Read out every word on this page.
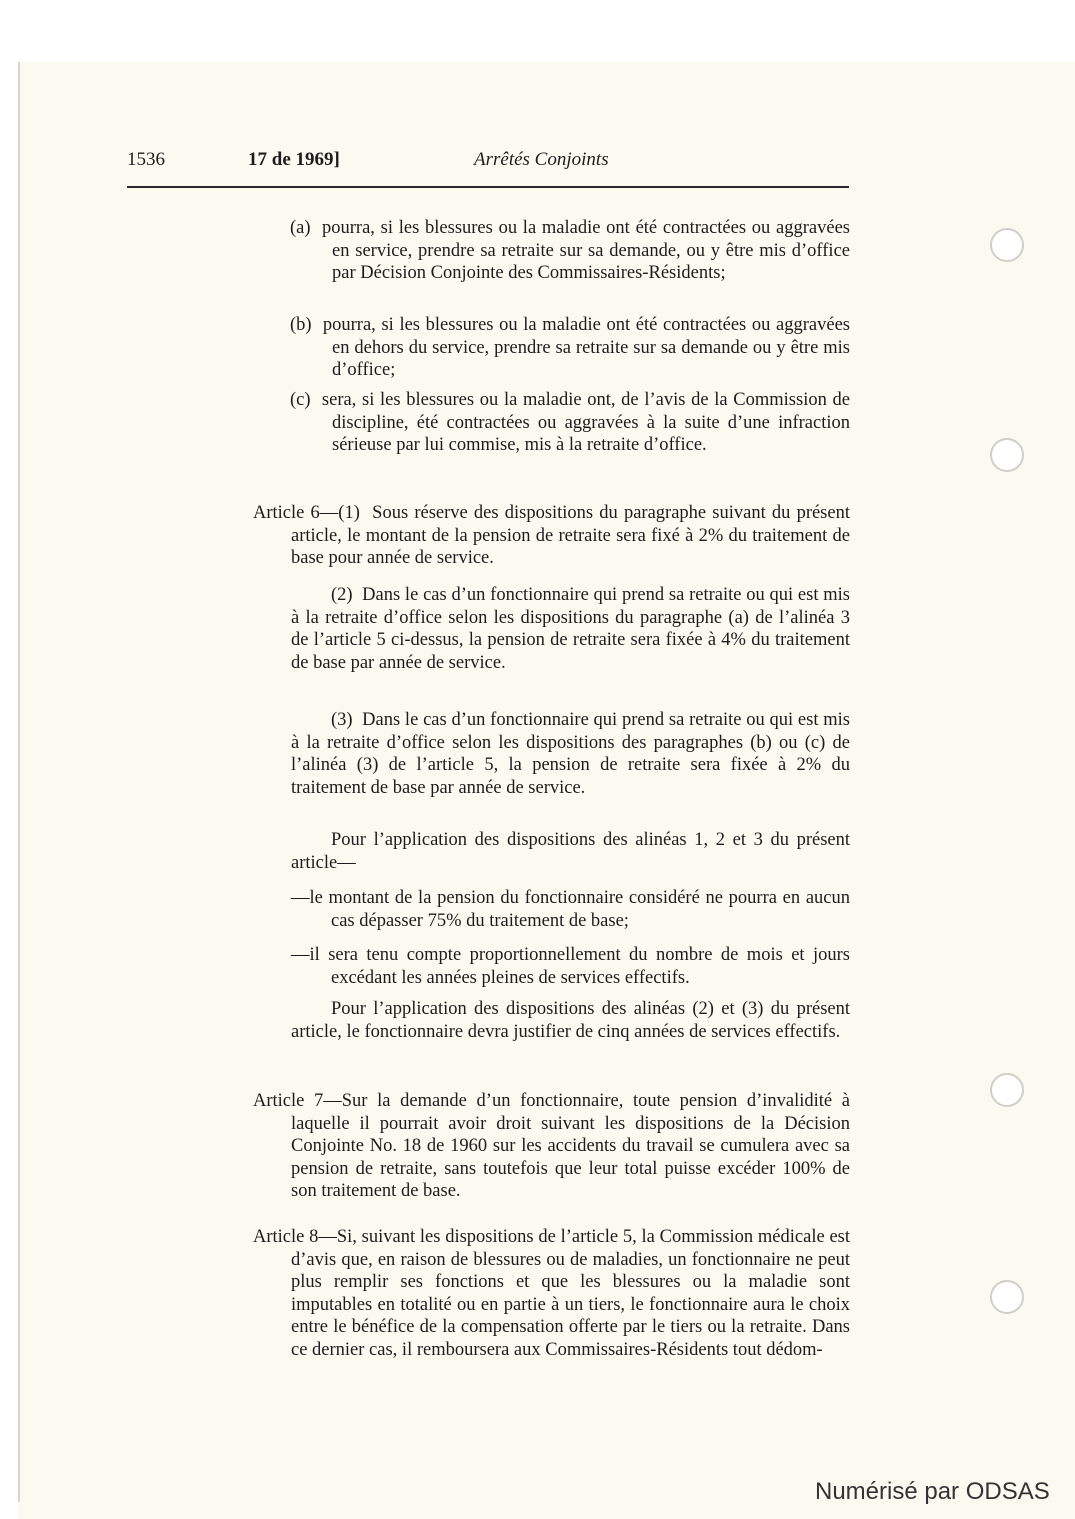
1536	17 de 1969]	Arrêtés Conjoints
(a)  pourra, si les blessures ou la maladie ont été contractées ou aggravées en service, prendre sa retraite sur sa demande, ou y être mis d’office par Décision Conjointe des Commissaires-Résidents;
(b)  pourra, si les blessures ou la maladie ont été contractées ou aggravées en dehors du service, prendre sa retraite sur sa demande ou y être mis d’office;
(c)  sera, si les blessures ou la maladie ont, de l’avis de la Commission de discipline, été contractées ou aggravées à la suite d’une infraction sérieuse par lui commise, mis à la retraite d’office.
Article 6—(1)  Sous réserve des dispositions du paragraphe suivant du présent article, le montant de la pension de retraite sera fixé à 2% du traitement de base pour année de service.
(2)  Dans le cas d’un fonctionnaire qui prend sa retraite ou qui est mis à la retraite d’office selon les dispositions du paragraphe (a) de l’alinéa 3 de l’article 5 ci-dessus, la pension de retraite sera fixée à 4% du traitement de base par année de service.
(3)  Dans le cas d’un fonctionnaire qui prend sa retraite ou qui est mis à la retraite d’office selon les dispositions des paragraphes (b) ou (c) de l’alinéa (3) de l’article 5, la pension de retraite sera fixée à 2% du traitement de base par année de service.
Pour l’application des dispositions des alinéas 1, 2 et 3 du présent article—
—le montant de la pension du fonctionnaire considéré ne pourra en aucun cas dépasser 75% du traitement de base;
—il sera tenu compte proportionnellement du nombre de mois et jours excédant les années pleines de services effectifs.
Pour l’application des dispositions des alinéas (2) et (3) du présent article, le fonctionnaire devra justifier de cinq années de services effectifs.
Article 7—Sur la demande d’un fonctionnaire, toute pension d’invalidité à laquelle il pourrait avoir droit suivant les dispositions de la Décision Conjointe No. 18 de 1960 sur les accidents du travail se cumulera avec sa pension de retraite, sans toutefois que leur total puisse excéder 100% de son traitement de base.
Article 8—Si, suivant les dispositions de l’article 5, la Commission médicale est d’avis que, en raison de blessures ou de maladies, un fonctionnaire ne peut plus remplir ses fonctions et que les blessures ou la maladie sont imputables en totalité ou en partie à un tiers, le fonctionnaire aura le choix entre le bénéfice de la compensation offerte par le tiers ou la retraite. Dans ce dernier cas, il remboursera aux Commissaires-Résidents tout dédom-
Numérisé par ODSAS
